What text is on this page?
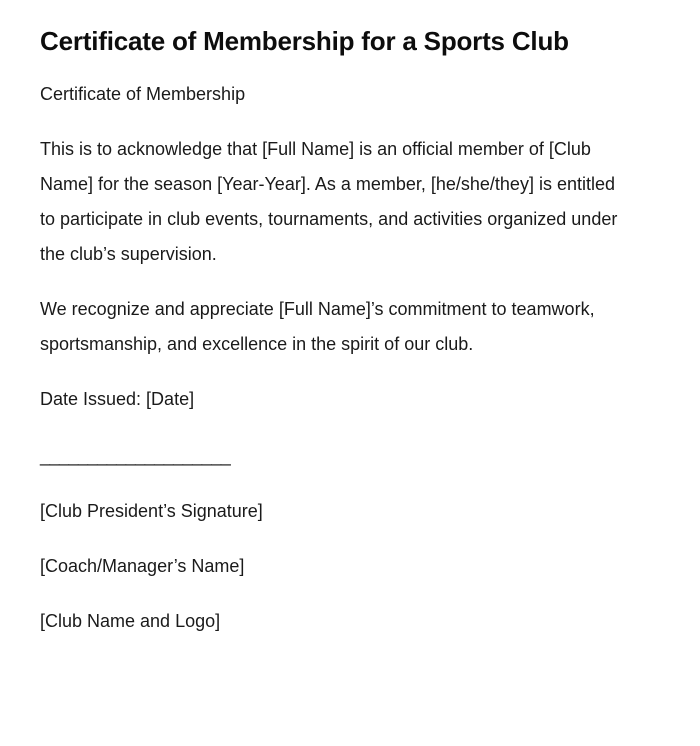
Certificate of Membership for a Sports Club

Certificate of Membership

This is to acknowledge that [Full Name] is an official member of [Club Name] for the season [Year-Year]. As a member, [he/she/they] is entitled to participate in club events, tournaments, and activities organized under the club’s supervision.

We recognize and appreciate [Full Name]’s commitment to teamwork, sportsmanship, and excellence in the spirit of our club.

Date Issued: [Date]

____________________

[Club President’s Signature]

[Coach/Manager’s Name]

[Club Name and Logo]
